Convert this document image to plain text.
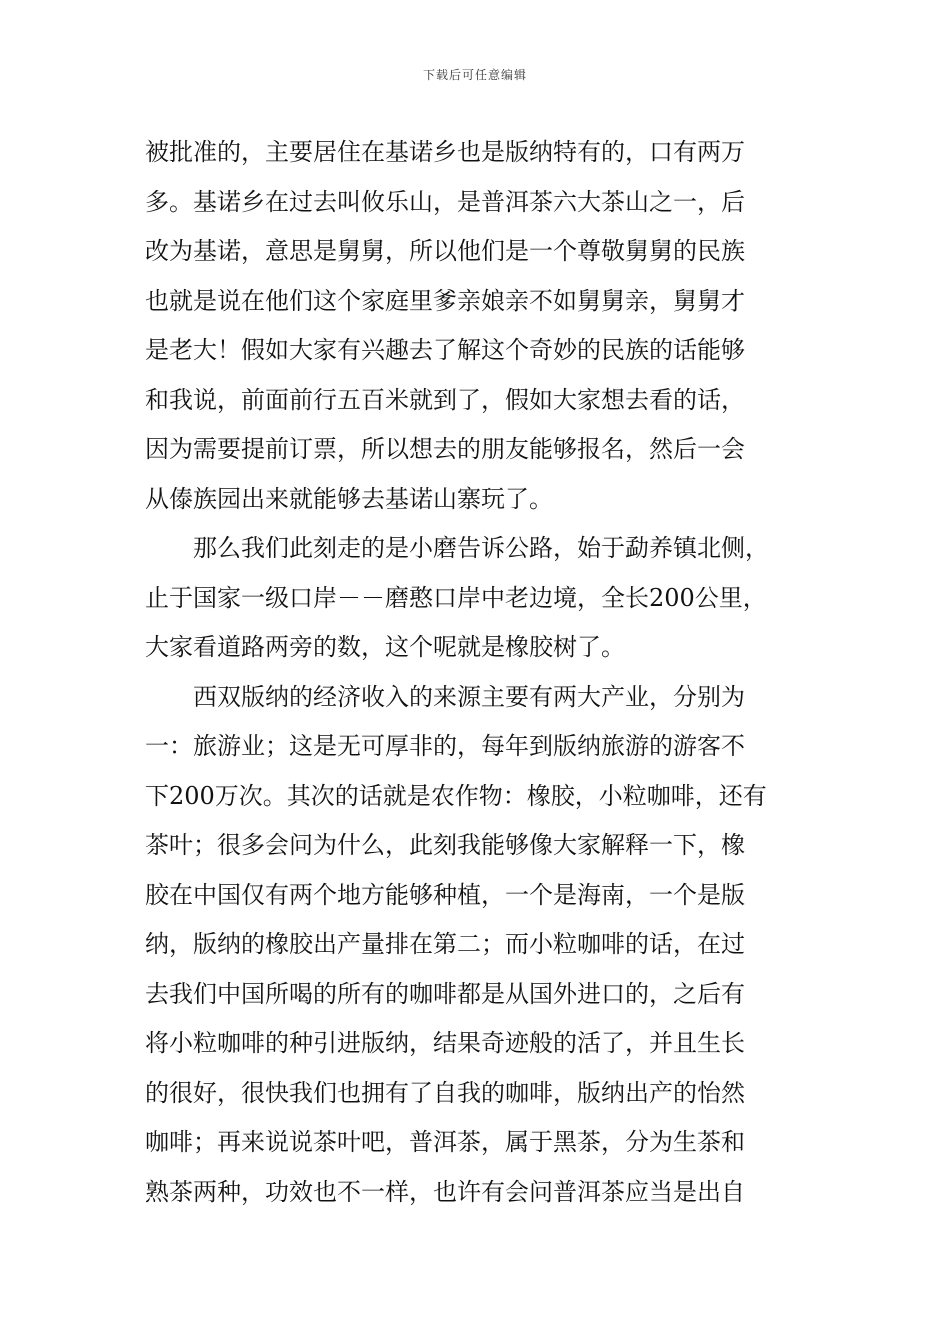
下载后可任意编辑

被批准的，主要居住在基诺乡也是版纳特有的，口有两万
多。基诺乡在过去叫攸乐山，是普洱茶六大茶山之一，后
改为基诺，意思是舅舅，所以他们是一个尊敬舅舅的民族
也就是说在他们这个家庭里爹亲娘亲不如舅舅亲，舅舅才
是老大！假如大家有兴趣去了解这个奇妙的民族的话能够
和我说，前面前行五百米就到了，假如大家想去看的话，
因为需要提前订票，所以想去的朋友能够报名，然后一会
从傣族园出来就能够去基诺山寨玩了。

　　那么我们此刻走的是小磨告诉公路，始于勐养镇北侧，
止于国家一级口岸－－磨憨口岸中老边境，全长200公里，
大家看道路两旁的数，这个呢就是橡胶树了。

　　西双版纳的经济收入的来源主要有两大产业，分别为
一：旅游业；这是无可厚非的，每年到版纳旅游的游客不
下200万次。其次的话就是农作物：橡胶，小粒咖啡，还有
茶叶；很多会问为什么，此刻我能够像大家解释一下，橡
胶在中国仅有两个地方能够种植，一个是海南，一个是版
纳，版纳的橡胶出产量排在第二；而小粒咖啡的话，在过
去我们中国所喝的所有的咖啡都是从国外进口的，之后有
将小粒咖啡的种引进版纳，结果奇迹般的活了，并且生长
的很好，很快我们也拥有了自我的咖啡，版纳出产的怡然
咖啡；再来说说茶叶吧，普洱茶，属于黑茶，分为生茶和
熟茶两种，功效也不一样，也许有会问普洱茶应当是出自
